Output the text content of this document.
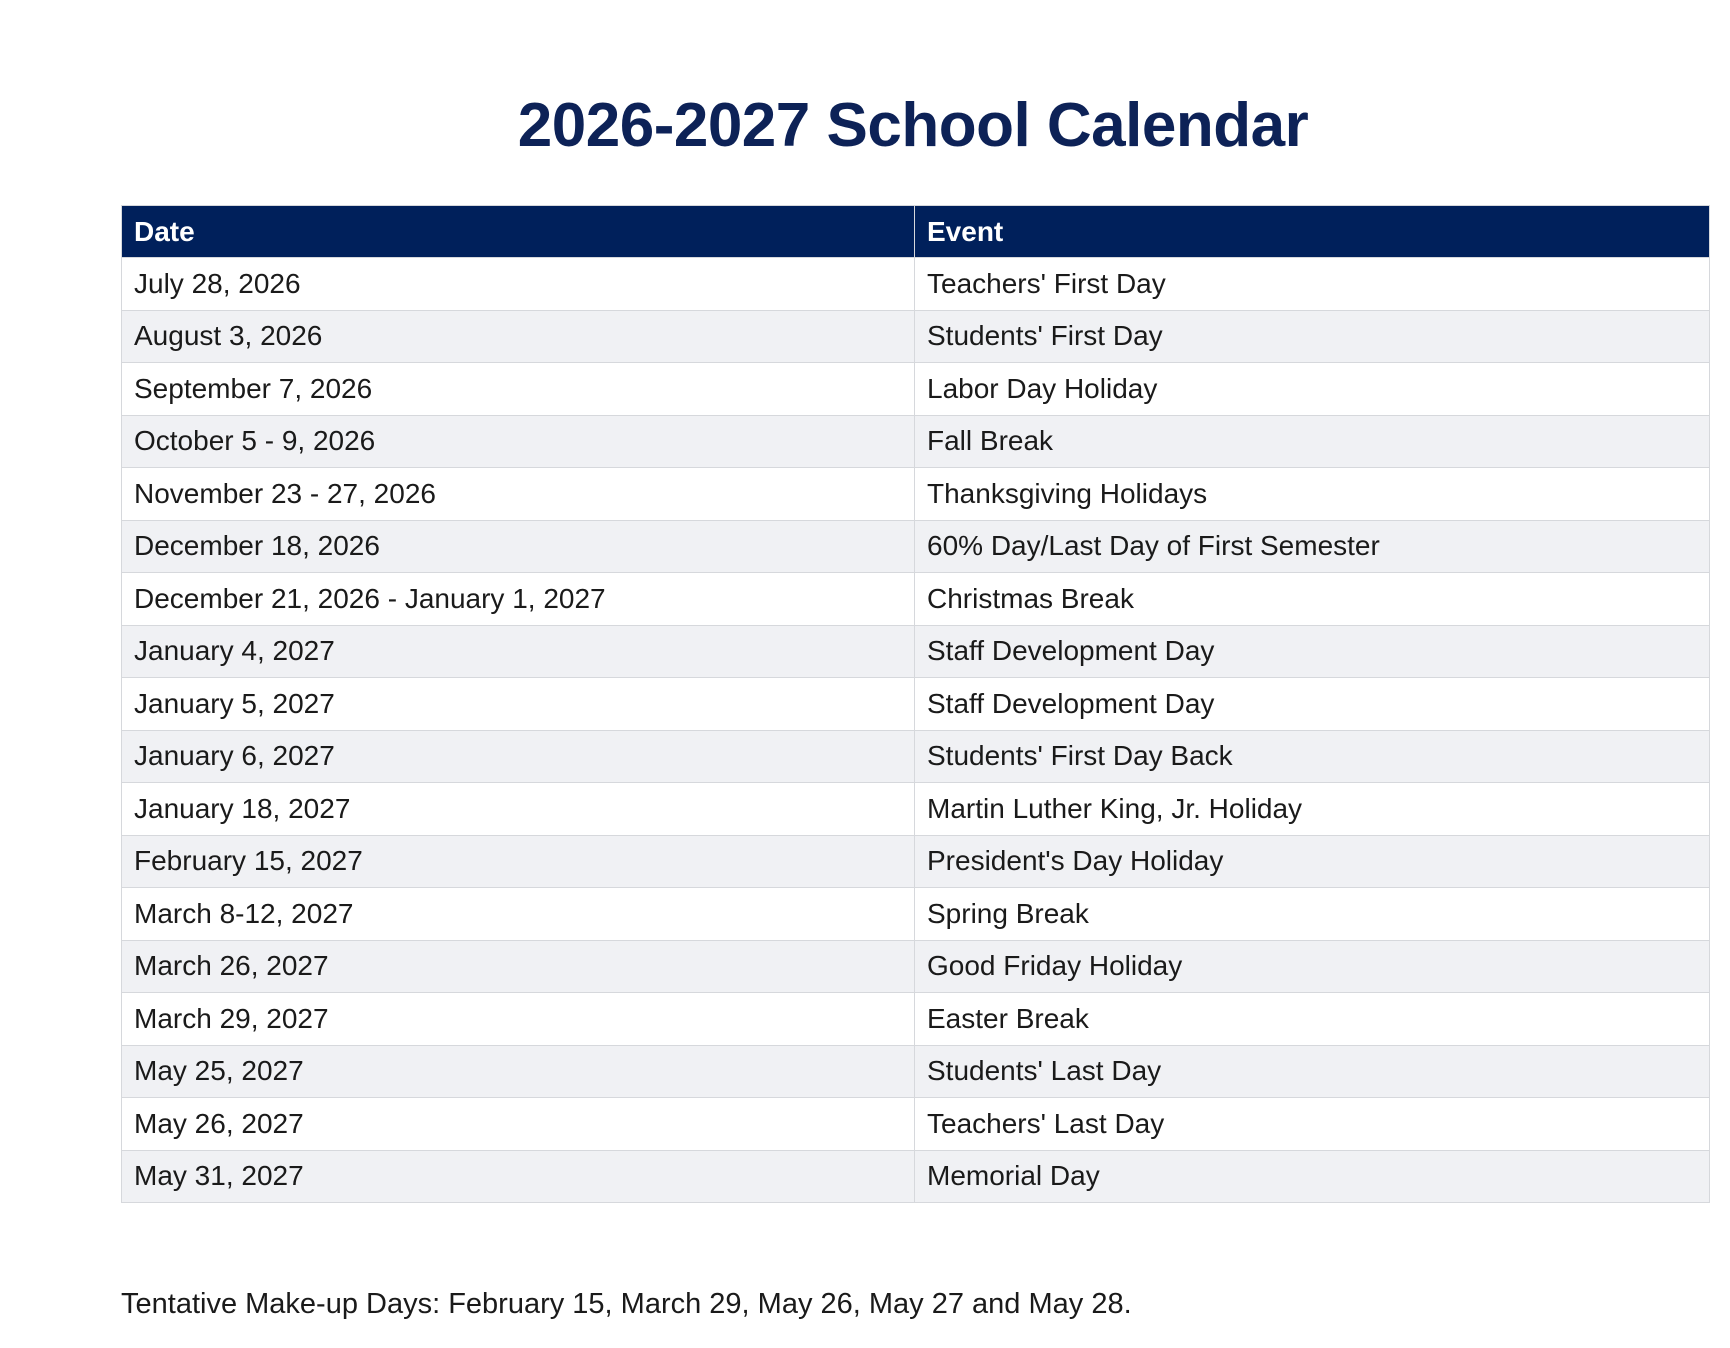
2026-2027 School Calendar
Date	Event
July 28, 2026	Teachers' First Day
August 3, 2026	Students' First Day
September 7, 2026	Labor Day Holiday
October 5 - 9, 2026	Fall Break
November 23 - 27, 2026	Thanksgiving Holidays
December 18, 2026	60% Day/Last Day of First Semester
December 21, 2026 - January 1, 2027	Christmas Break
January 4, 2027	Staff Development Day
January 5, 2027	Staff Development Day
January 6, 2027	Students' First Day Back
January 18, 2027	Martin Luther King, Jr. Holiday
February 15, 2027	President's Day Holiday
March 8-12, 2027	Spring Break
March 26, 2027	Good Friday Holiday
March 29, 2027	Easter Break
May 25, 2027	Students' Last Day
May 26, 2027	Teachers' Last Day
May 31, 2027	Memorial Day

Tentative Make-up Days: February 15, March 29, May 26, May 27 and May 28.
